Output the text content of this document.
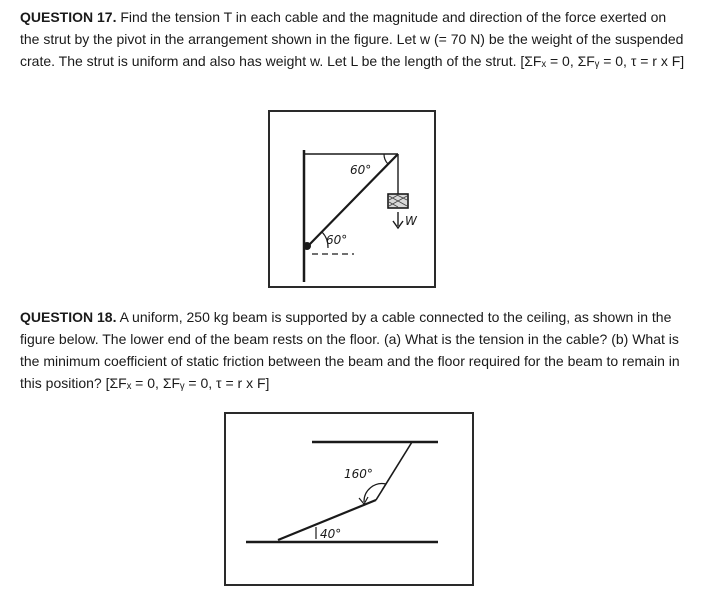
QUESTION 17. Find the tension T in each cable and the magnitude and direction of the force exerted on the strut by the pivot in the arrangement shown in the figure. Let w (= 70 N) be the weight of the suspended crate. The strut is uniform and also has weight w. Let L be the length of the strut. [ΣFₓ = 0, ΣFᵧ = 0, τ = r x F]

60°
60°
W

QUESTION 18. A uniform, 250 kg beam is supported by a cable connected to the ceiling, as shown in the figure below. The lower end of the beam rests on the floor. (a) What is the tension in the cable? (b) What is the minimum coefficient of static friction between the beam and the floor required for the beam to remain in this position? [ΣFₓ = 0, ΣFᵧ = 0, τ = r x F]

160°
40°
